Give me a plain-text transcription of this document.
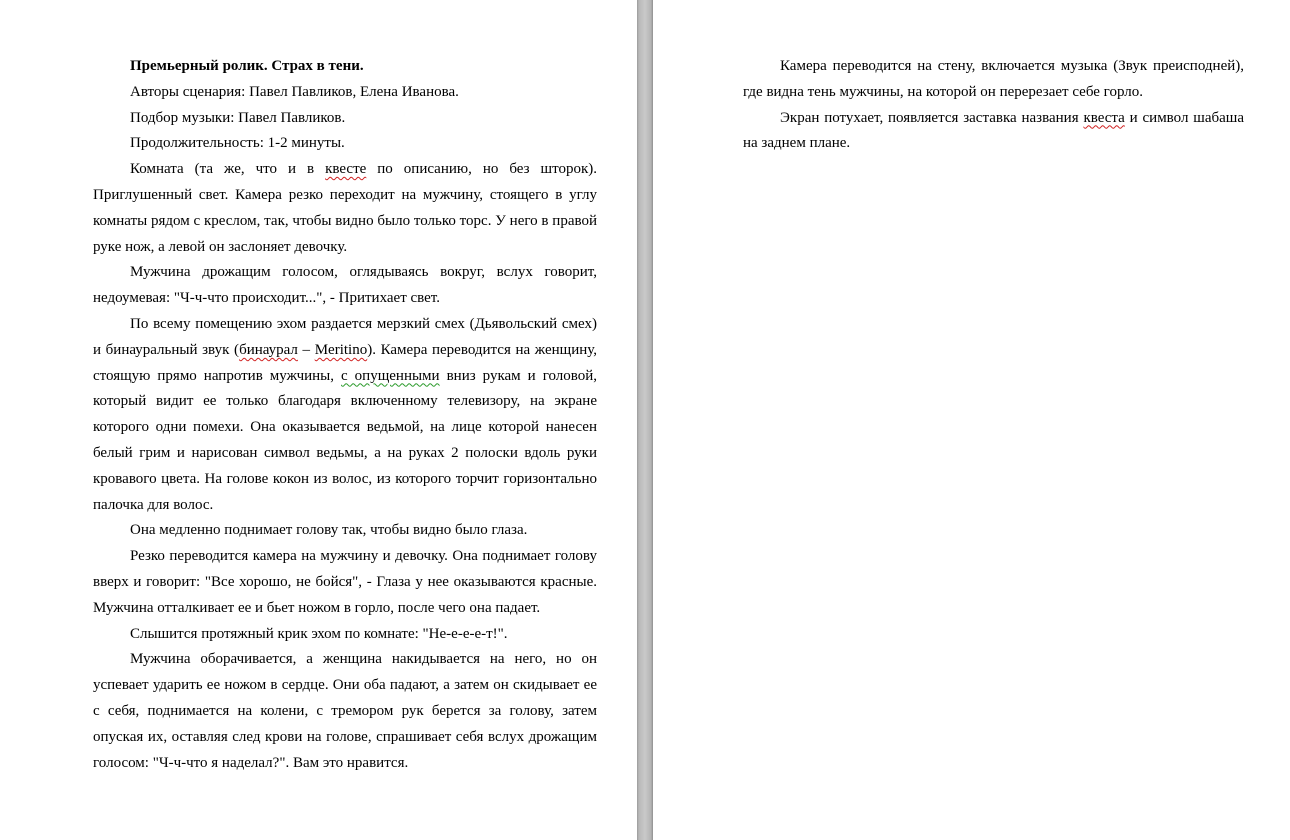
Премьерный ролик. Страх в тени.

Авторы сценария: Павел Павликов, Елена Иванова.

Подбор музыки: Павел Павликов.

Продолжительность: 1-2 минуты.

Комната (та же, что и в квесте по описанию, но без шторок). Приглушенный свет. Камера резко переходит на мужчину, стоящего в углу комнаты рядом с креслом, так, чтобы видно было только торс. У него в правой руке нож, а левой он заслоняет девочку.

Мужчина дрожащим голосом, оглядываясь вокруг, вслух говорит, недоумевая: "Ч-ч-что происходит...", - Притихает свет.

По всему помещению эхом раздается мерзкий смех (Дьявольский смех) и бинауральный звук (бинаурал – Meritino). Камера переводится на женщину, стоящую прямо напротив мужчины, с опущенными вниз рукам и головой, который видит ее только благодаря включенному телевизору, на экране которого одни помехи. Она оказывается ведьмой, на лице которой нанесен белый грим и нарисован символ ведьмы, а на руках 2 полоски вдоль руки кровавого цвета. На голове кокон из волос, из которого торчит горизонтально палочка для волос.

Она медленно поднимает голову так, чтобы видно было глаза.

Резко переводится камера на мужчину и девочку. Она поднимает голову вверх и говорит: "Все хорошо, не бойся", - Глаза у нее оказываются красные. Мужчина отталкивает ее и бьет ножом в горло, после чего она падает.

Слышится протяжный крик эхом по комнате: "Не-е-е-е-т!".

Мужчина оборачивается, а женщина накидывается на него, но он успевает ударить ее ножом в сердце. Они оба падают, а затем он скидывает ее с себя, поднимается на колени, с тремором рук берется за голову, затем опуская их, оставляя след крови на голове, спрашивает себя вслух дрожащим голосом: "Ч-ч-что я наделал?". Вам это нравится.

Камера переводится на стену, включается музыка (Звук преисподней), где видна тень мужчины, на которой он перерезает себе горло.

Экран потухает, появляется заставка названия квеста и символ шабаша на заднем плане.
